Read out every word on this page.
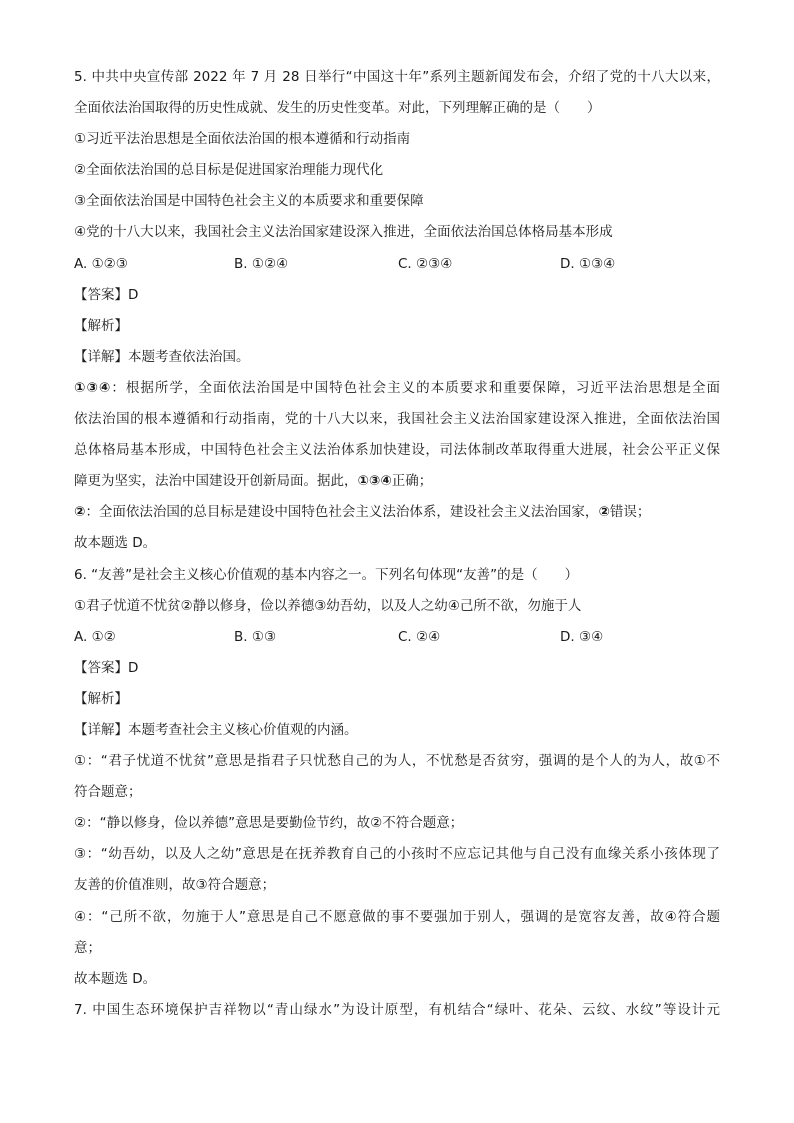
5. 中共中央宣传部 2022 年 7 月 28 日举行“中国这十年”系列主题新闻发布会，介绍了党的十八大以来，
全面依法治国取得的历史性成就、发生的历史性变革。对此，下列理解正确的是（　　）
①习近平法治思想是全面依法治国的根本遵循和行动指南
②全面依法治国的总目标是促进国家治理能力现代化
③全面依法治国是中国特色社会主义的本质要求和重要保障
④党的十八大以来，我国社会主义法治国家建设深入推进，全面依法治国总体格局基本形成
A. ①②③	B. ①②④	C. ②③④	D. ①③④
【答案】D
【解析】
【详解】本题考查依法治国。
①③④：根据所学，全面依法治国是中国特色社会主义的本质要求和重要保障，习近平法治思想是全面
依法治国的根本遵循和行动指南，党的十八大以来，我国社会主义法治国家建设深入推进，全面依法治国
总体格局基本形成，中国特色社会主义法治体系加快建设，司法体制改革取得重大进展，社会公平正义保
障更为坚实，法治中国建设开创新局面。据此，①③④正确；
②：全面依法治国的总目标是建设中国特色社会主义法治体系，建设社会主义法治国家，②错误；
故本题选 D。
6. “友善”是社会主义核心价值观的基本内容之一。下列名句体现“友善”的是（　　）
①君子忧道不忧贫②静以修身，俭以养德③幼吾幼，以及人之幼④己所不欲，勿施于人
A. ①②	B. ①③	C. ②④	D. ③④
【答案】D
【解析】
【详解】本题考查社会主义核心价值观的内涵。
①：“君子忧道不忧贫”意思是指君子只忧愁自己的为人，不忧愁是否贫穷，强调的是个人的为人，故①不
符合题意；
②：“静以修身，俭以养德”意思是要勤俭节约，故②不符合题意；
③：“幼吾幼，以及人之幼”意思是在抚养教育自己的小孩时不应忘记其他与自己没有血缘关系小孩体现了
友善的价值准则，故③符合题意；
④：“己所不欲，勿施于人”意思是自己不愿意做的事不要强加于别人，强调的是宽容友善，故④符合题
意；
故本题选 D。
7. 中国生态环境保护吉祥物以“青山绿水”为设计原型，有机结合“绿叶、花朵、云纹、水纹”等设计元
